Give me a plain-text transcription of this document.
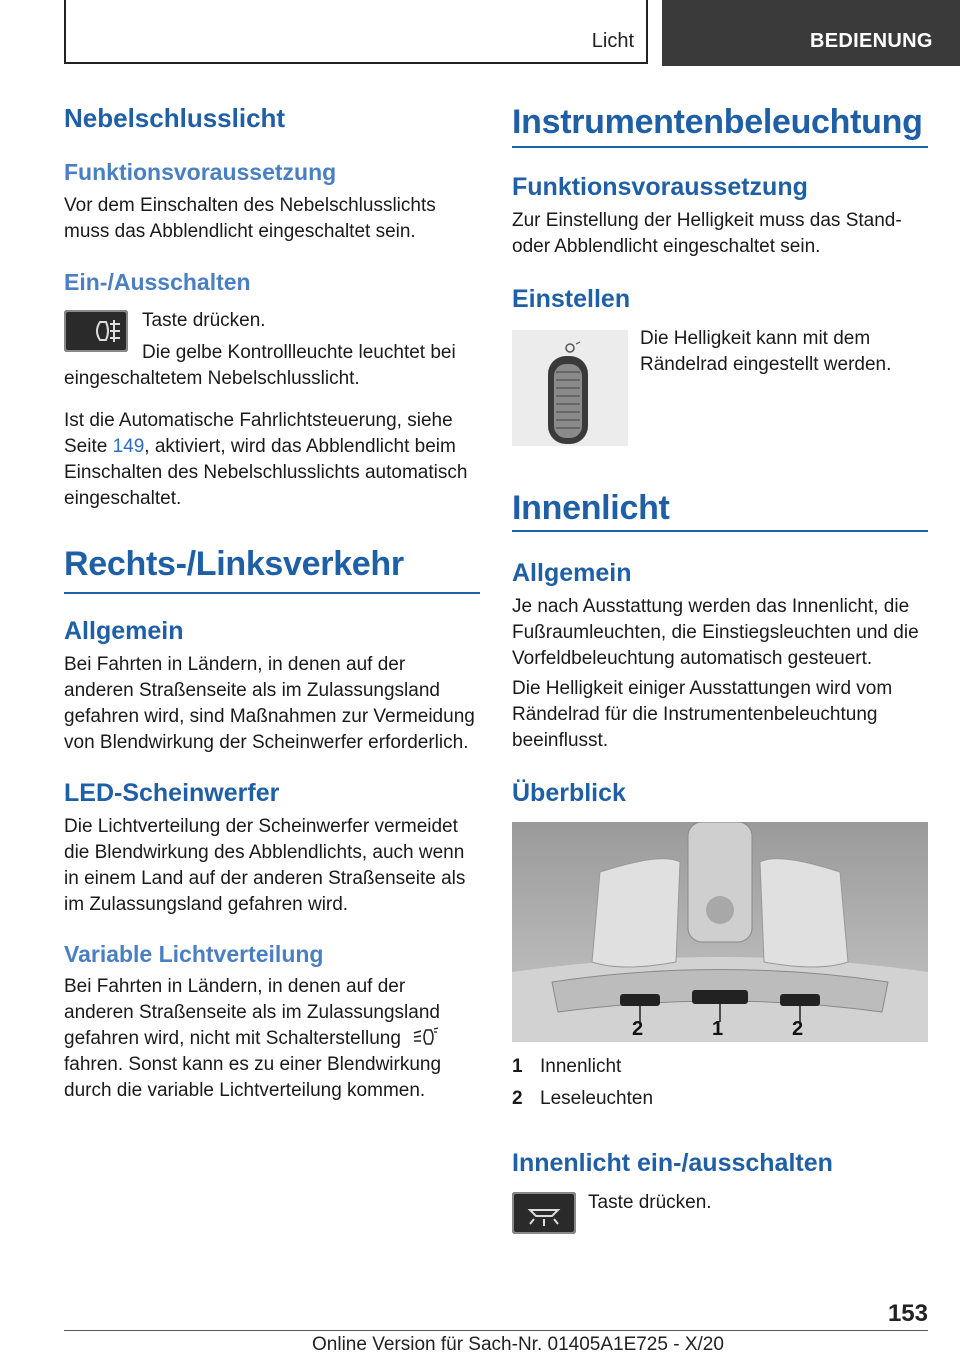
Licht	BEDIENUNG
Nebelschlusslicht
Funktionsvoraussetzung
Vor dem Einschalten des Nebelschlusslichts muss das Abblendlicht eingeschaltet sein.
Ein-/Ausschalten
Taste drücken.
Die gelbe Kontrollleuchte leuchtet bei
eingeschaltetem Nebelschlusslicht.
Ist die Automatische Fahrlichtsteuerung, siehe Seite 149, aktiviert, wird das Abblendlicht beim Einschalten des Nebelschlusslichts automatisch eingeschaltet.
Rechts-/Linksverkehr
Allgemein
Bei Fahrten in Ländern, in denen auf der anderen Straßenseite als im Zulassungsland gefahren wird, sind Maßnahmen zur Vermeidung von Blendwirkung der Scheinwerfer erforderlich.
LED-Scheinwerfer
Die Lichtverteilung der Scheinwerfer vermeidet die Blendwirkung des Abblendlichts, auch wenn in einem Land auf der anderen Straßenseite als im Zulassungsland gefahren wird.
Variable Lichtverteilung
Bei Fahrten in Ländern, in denen auf der anderen Straßenseite als im Zulassungsland gefahren wird, nicht mit Schalterstellung  fahren. Sonst kann es zu einer Blendwirkung durch die variable Lichtverteilung kommen.
Instrumentenbeleuchtung
Funktionsvoraussetzung
Zur Einstellung der Helligkeit muss das Stand- oder Abblendlicht eingeschaltet sein.
Einstellen
Die Helligkeit kann mit dem Rändelrad eingestellt werden.
Innenlicht
Allgemein
Je nach Ausstattung werden das Innenlicht, die Fußraumleuchten, die Einstiegsleuchten und die Vorfeldbeleuchtung automatisch gesteuert.
Die Helligkeit einiger Ausstattungen wird vom Rändelrad für die Instrumentenbeleuchtung beeinflusst.
Überblick
2	1	2
1 Innenlicht
2 Leseleuchten
Innenlicht ein-/ausschalten
Taste drücken.
153
Online Version für Sach-Nr. 01405A1E725 - X/20
